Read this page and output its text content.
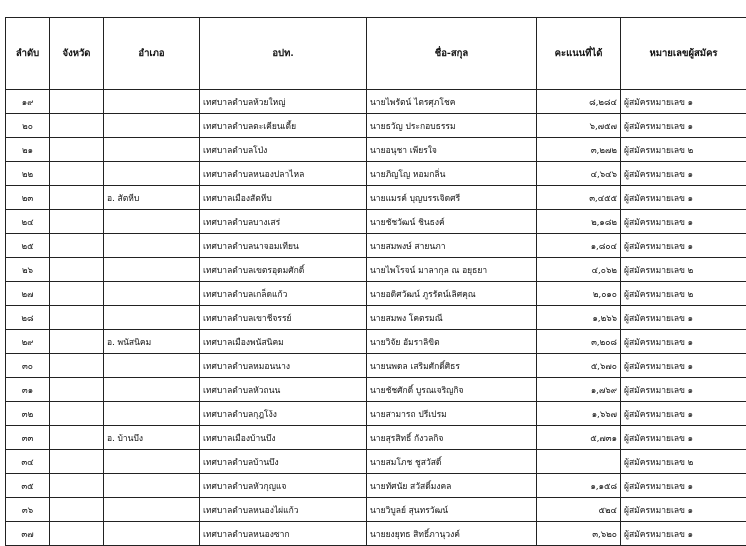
ลำดับ	จังหวัด	อำเภอ	อปท.	ชื่อ-สกุล	คะแนนที่ได้	หมายเลขผู้สมัคร
๑๙			เทศบาลตำบลห้วยใหญ่	นายไพรัตน์ ไตรศุภโชค	๘,๒๘๔	ผู้สมัครหมายเลข ๑
๒๐			เทศบาลตำบลตะเคียนเตี้ย	นายธวัญ ประกอบธรรม	๖,๗๕๗	ผู้สมัครหมายเลข ๑
๒๑			เทศบาลตำบลโป่ง	นายอนุชา เพียรใจ	๓,๒๗๒	ผู้สมัครหมายเลข ๒
๒๒			เทศบาลตำบลหนองปลาไหล	นายภิญโญ หอมกลิ่น	๔,๖๔๖	ผู้สมัครหมายเลข ๑
๒๓		อ. สัตหีบ	เทศบาลเมืองสัตหีบ	นายแมรค์ บุญบรรเจิดศรี	๓,๔๕๕	ผู้สมัครหมายเลข ๑
๒๔			เทศบาลตำบลบางเสร่	นายชัชวัฒน์ ชินธงค์	๒,๑๘๒	ผู้สมัครหมายเลข ๑
๒๕			เทศบาลตำบลนาจอมเทียน	นายสมพงษ์ สายนภา	๑,๘๐๔	ผู้สมัครหมายเลข ๑
๒๖			เทศบาลตำบลเขตรอุดมศักดิ์	นายไพโรจน์ มาลากุล ณ อยุธยา	๔,๐๖๒	ผู้สมัครหมายเลข ๒
๒๗			เทศบาลตำบลเกล็ดแก้ว	นายอดิศวัฒน์ ภูรรัตน์เลิศคุณ	๒,๐๑๐	ผู้สมัครหมายเลข ๒
๒๘			เทศบาลตำบลเขาชีจรรย์	นายสมพง โคตรมณี	๑,๒๖๖	ผู้สมัครหมายเลข ๑
๒๙		อ. พนัสนิคม	เทศบาลเมืองพนัสนิคม	นายวิจัย อัมราลิขิต	๓,๒๐๘	ผู้สมัครหมายเลข ๑
๓๐			เทศบาลตำบลหมอนนาง	นายนพดล เสริมศักดิ์ศิธร	๕,๖๗๐	ผู้สมัครหมายเลข ๑
๓๑			เทศบาลตำบลหัวถนน	นายชัชศักดิ์ บูรณเจริญกิจ	๑,๗๖๙	ผู้สมัครหมายเลข ๑
๓๒			เทศบาลตำบลกุฎโง้ง	นายสามารถ ปรีเปรม	๑,๖๖๗	ผู้สมัครหมายเลข ๑
๓๓		อ. บ้านบึง	เทศบาลเมืองบ้านบึง	นายสุรสิทธิ์ กังวลกิจ	๕,๗๓๑	ผู้สมัครหมายเลข ๑
๓๔			เทศบาลตำบลบ้านบึง	นายสมโภช ชูสวัสดิ์		ผู้สมัครหมายเลข ๒
๓๕			เทศบาลตำบลหัวกุญแจ	นายทัศนัย สวัสดิ์มงคล	๑,๑๕๘	ผู้สมัครหมายเลข ๑
๓๖			เทศบาลตำบลหนองไผ่แก้ว	นายวิบูลย์ สุนทรวัฒน์	๕๒๔	ผู้สมัครหมายเลข ๑
๓๗			เทศบาลตำบลหนองซาก	นายยงยุทธ สิทธิ์ภานุวงค์	๓,๖๒๐	ผู้สมัครหมายเลข ๑
